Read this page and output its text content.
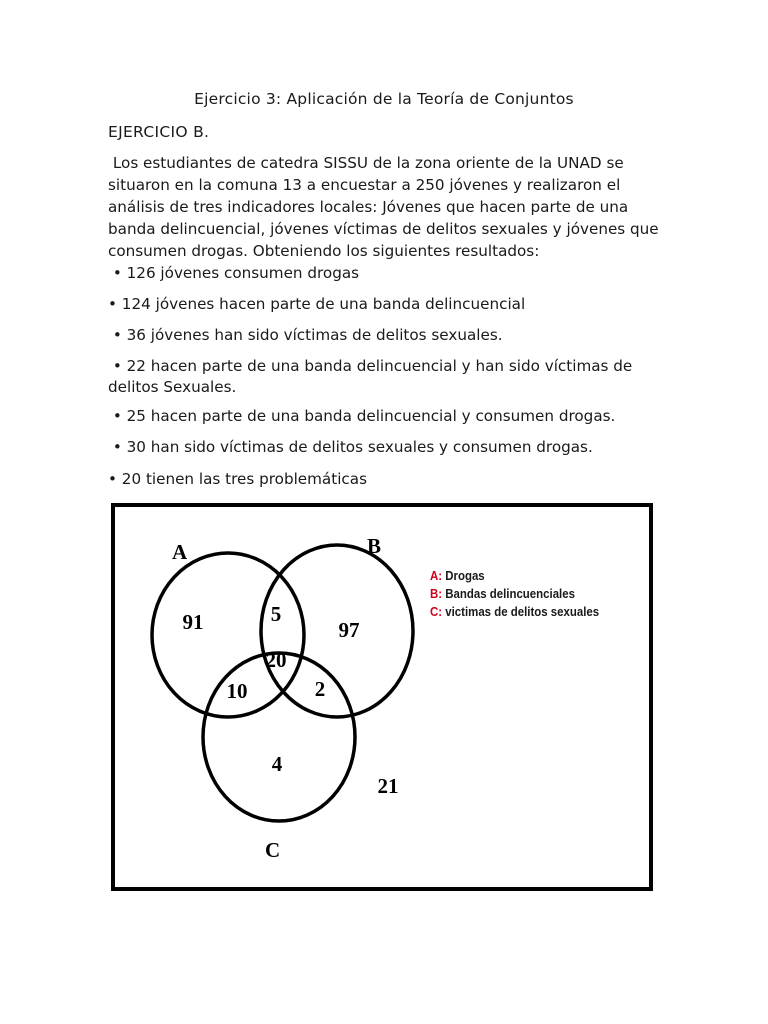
Ejercicio 3: Aplicación de la Teoría de Conjuntos
EJERCICIO B.
Los estudiantes de catedra SISSU de la zona oriente de la UNAD se
situaron en la comuna 13 a encuestar a 250 jóvenes y realizaron el
análisis de tres indicadores locales: Jóvenes que hacen parte de una
banda delincuencial, jóvenes víctimas de delitos sexuales y jóvenes que
consumen drogas. Obteniendo los siguientes resultados:
• 126 jóvenes consumen drogas
• 124 jóvenes hacen parte de una banda delincuencial
• 36 jóvenes han sido víctimas de delitos sexuales.
• 22 hacen parte de una banda delincuencial y han sido víctimas de
delitos Sexuales.
• 25 hacen parte de una banda delincuencial y consumen drogas.
• 30 han sido víctimas de delitos sexuales y consumen drogas.
• 20 tienen las tres problemáticas
A	B
C
91	5
97
20
10	2
4
21
A: Drogas
B: Bandas delincuenciales
C: victimas de delitos sexuales
